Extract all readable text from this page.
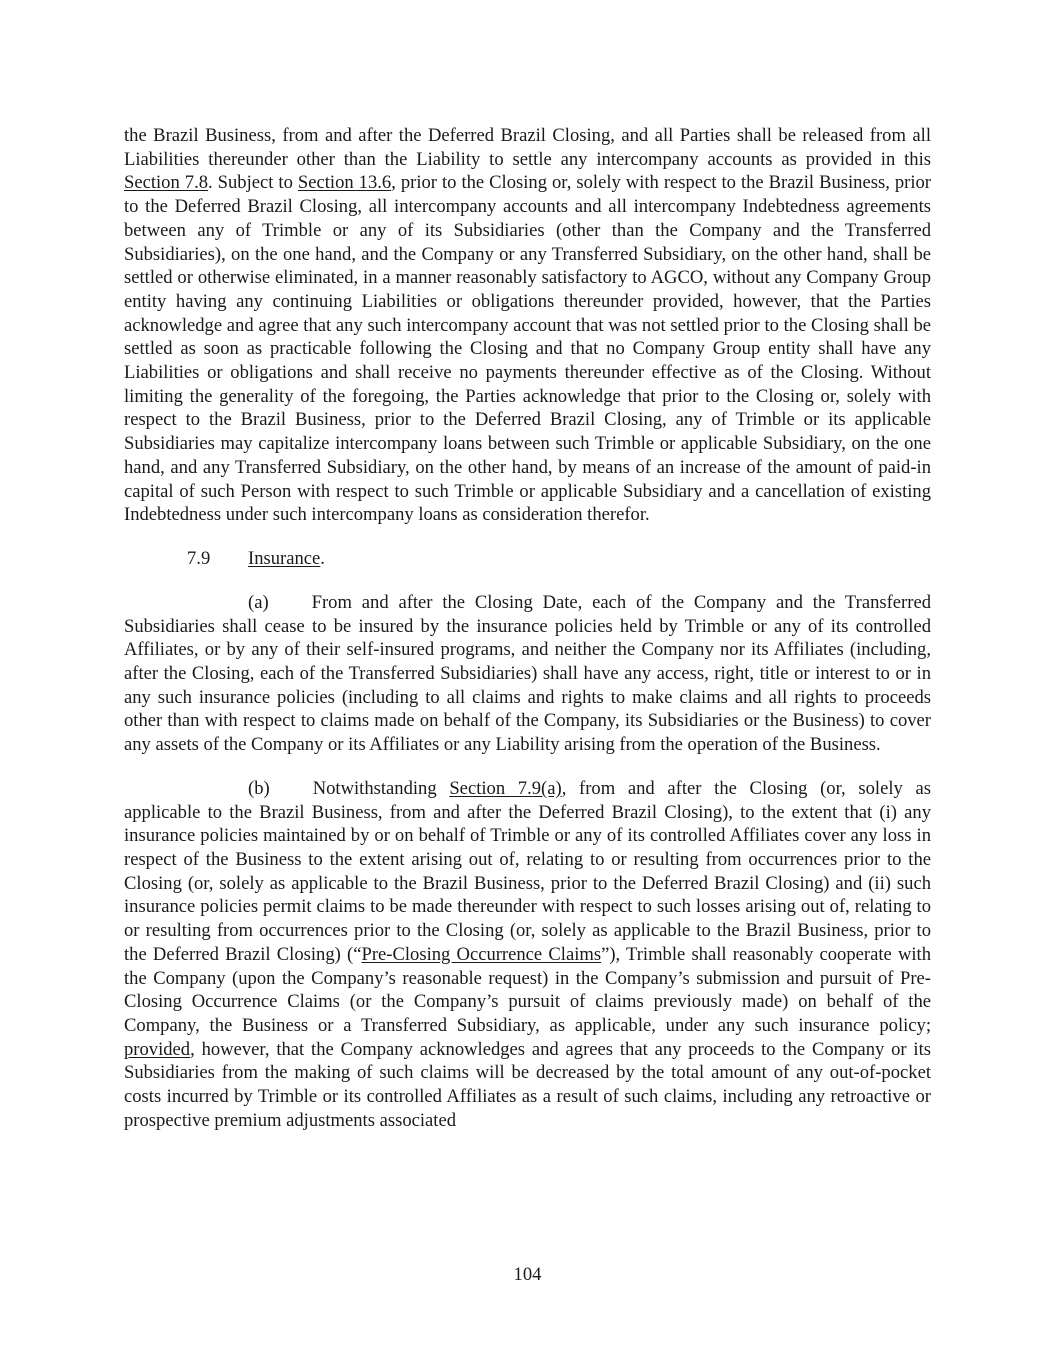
the Brazil Business, from and after the Deferred Brazil Closing, and all Parties shall be released from all Liabilities thereunder other than the Liability to settle any intercompany accounts as provided in this Section 7.8. Subject to Section 13.6, prior to the Closing or, solely with respect to the Brazil Business, prior to the Deferred Brazil Closing, all intercompany accounts and all intercompany Indebtedness agreements between any of Trimble or any of its Subsidiaries (other than the Company and the Transferred Subsidiaries), on the one hand, and the Company or any Transferred Subsidiary, on the other hand, shall be settled or otherwise eliminated, in a manner reasonably satisfactory to AGCO, without any Company Group entity having any continuing Liabilities or obligations thereunder provided, however, that the Parties acknowledge and agree that any such intercompany account that was not settled prior to the Closing shall be settled as soon as practicable following the Closing and that no Company Group entity shall have any Liabilities or obligations and shall receive no payments thereunder effective as of the Closing. Without limiting the generality of the foregoing, the Parties acknowledge that prior to the Closing or, solely with respect to the Brazil Business, prior to the Deferred Brazil Closing, any of Trimble or its applicable Subsidiaries may capitalize intercompany loans between such Trimble or applicable Subsidiary, on the one hand, and any Transferred Subsidiary, on the other hand, by means of an increase of the amount of paid-in capital of such Person with respect to such Trimble or applicable Subsidiary and a cancellation of existing Indebtedness under such intercompany loans as consideration therefor.

7.9 Insurance.

(a) From and after the Closing Date, each of the Company and the Transferred Subsidiaries shall cease to be insured by the insurance policies held by Trimble or any of its controlled Affiliates, or by any of their self-insured programs, and neither the Company nor its Affiliates (including, after the Closing, each of the Transferred Subsidiaries) shall have any access, right, title or interest to or in any such insurance policies (including to all claims and rights to make claims and all rights to proceeds other than with respect to claims made on behalf of the Company, its Subsidiaries or the Business) to cover any assets of the Company or its Affiliates or any Liability arising from the operation of the Business.

(b) Notwithstanding Section 7.9(a), from and after the Closing (or, solely as applicable to the Brazil Business, from and after the Deferred Brazil Closing), to the extent that (i) any insurance policies maintained by or on behalf of Trimble or any of its controlled Affiliates cover any loss in respect of the Business to the extent arising out of, relating to or resulting from occurrences prior to the Closing (or, solely as applicable to the Brazil Business, prior to the Deferred Brazil Closing) and (ii) such insurance policies permit claims to be made thereunder with respect to such losses arising out of, relating to or resulting from occurrences prior to the Closing (or, solely as applicable to the Brazil Business, prior to the Deferred Brazil Closing) (“Pre-Closing Occurrence Claims”), Trimble shall reasonably cooperate with the Company (upon the Company’s reasonable request) in the Company’s submission and pursuit of Pre-Closing Occurrence Claims (or the Company’s pursuit of claims previously made) on behalf of the Company, the Business or a Transferred Subsidiary, as applicable, under any such insurance policy; provided, however, that the Company acknowledges and agrees that any proceeds to the Company or its Subsidiaries from the making of such claims will be decreased by the total amount of any out-of-pocket costs incurred by Trimble or its controlled Affiliates as a result of such claims, including any retroactive or prospective premium adjustments associated

104
